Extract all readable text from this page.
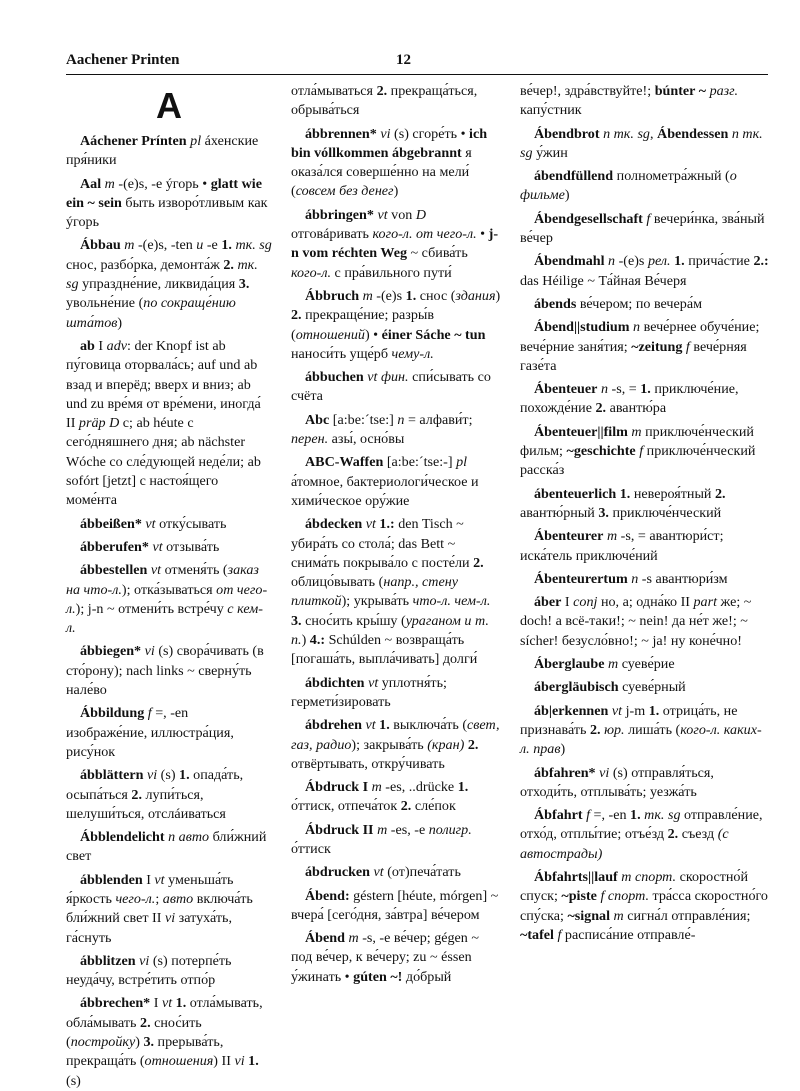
Aachener Printen	12
A

Aáchener Prínten pl áхенские пря́ники

Aal m -(e)s, -e ýгорь • glatt wie ein ~ sein быть изворо́тливым как ýгорь

Ábbau m -(e)s, -ten u -e 1. тк. sg снос, разбо́рка, демонта́ж 2. тк. sg упраздне́ние, ликвида́ция 3. увольне́ние (по сокраще́нию шта́тов)

ab I adv: der Knopf ist ab пу́говица оторвала́сь; auf und ab взад и вперёд; вверх и вниз; ab und zu вре́мя от вре́мени, иногда́ II präp D с; ab héute с сего́дняшнего дня; ab nächster Wóche со сле́дующей неде́ли; ab sofórt [jetzt] с настоя́щего моме́нта

ábbeißen* vt отку́сывать

ábberufen* vt отзыва́ть

ábbestellen vt отменя́ть (заказ на что-л.); отка́зываться от чего-л.); j-n ~ отмени́ть встре́чу с кем-л.

ábbiegen* vi (s) свора́чивать (в сто́рону); nach links ~ сверну́ть нале́во

Ábbildung f =, -en изображе́ние, иллюстра́ция, рису́нок

ábblättern vi (s) 1. опада́ть, осыпа́ться 2. лупи́ться, шелуши́ться, отслáиваться

Ábblendelicht n авто бли́жний свет

ábblenden I vt уменьша́ть я́ркость чего-л.; авто включа́ть бли́жний свет II vi затуха́ть, га́снуть

ábblitzen vi (s) потерпе́ть неуда́чу, встре́тить отпо́р

ábbrechen* I vt 1. отла́мывать, обла́мывать 2. снос́ить (постройку) 3. прерыва́ть, прекраща́ть (отношения) II vi 1. (s)

отла́мываться 2. прекраща́ться, обрыва́ться

ábbrennen* vi (s) сгоре́ть • ich bin vóllkommen ábgebrannt я оказа́лся соверше́нно на мели́ (совсем без денег)

ábbringen* vt von D отговáривать кого-л. от чего-л. • j-n vom réchten Weg ~ сбива́ть кого-л. с пра́вильного пути́

Ábbruch m -(e)s 1. снос (здания) 2. прекраще́ние; разры́в (отношений) • éiner Sáche ~ tun наноси́ть уще́рб чему-л.

ábbuchen vt фин. спи́сывать со счёта

Abc [a:be:´tse:] n = алфави́т; перен. азы́, осно́вы

ABC-Waffen [a:be:´tse:-] pl а́томное, бактериологи́ческое и хими́ческое ору́жие

ábdecken vt 1.: den Tisch ~ убира́ть со стола́; das Bett ~ снима́ть покрыва́ло с посте́ли 2. облицо́вывать (напр., стену плиткой); укрыва́ть что-л. чем-л. 3. снос́ить кры́шу (ураганом и т. п.) 4.: Schúlden ~ возвраща́ть [погаша́ть, выпла́чивать] долги́

ábdichten vt уплотня́ть; гермети́зировать

ábdrehen vt 1. выключа́ть (свет, газ, радио); закрыва́ть (кран) 2. отвёртывать, откру́чивать

Ábdruck I m -es, ..drücke 1. о́ттиск, отпеча́ток 2. сле́пок

Ábdruck II m -es, -e полигр. о́ттиск

ábdrucken vt (от)печа́тать

Ábend: géstern [héute, mórgen] ~ вчера́ [сего́дня, за́втра] ве́чером

Ábend m -s, -e ве́чер; gégen ~ под ве́чер, к ве́черу; zu ~ éssen у́жинать • gúten ~! до́брый

ве́чер!, здра́вствуйте!; búnter ~ разг. капу́стник

Ábendbrot n тк. sg, Ábendessen n тк. sg у́жин

ábendfüllend полнометра́жный (о фильме)

Ábendgesellschaft f вечери́нка, зва́ный ве́чер

Ábendmahl n -(e)s рел. 1. прича́стие 2.: das Héilige ~ Та́йная Ве́черя

ábends ве́чером; по вечера́м

Ábend||studium n вече́рнее обуче́ние; вече́рние заня́тия; ~zeitung f вече́рняя газе́та

Ábenteuer n -s, = 1. приключе́ние, похожде́ние 2. авантю́ра

Ábenteuer||film m приключе́нческий фильм; ~geschichte f приключе́нческий расска́з

ábenteuerlich 1. невероя́тный 2. авантю́рный 3. приключе́нческий

Ábenteurer m -s, = авантюри́ст; иска́тель приключе́ний

Ábenteurertum n -s авантюри́зм

áber I conj но, а; одна́ко II part же; ~ doch! а всё-таки!; ~ nein! да не́т же!; ~ sícher! безусло́вно!; ~ ja! ну коне́чно!

Áberglaube m суеве́рие

ábergläubisch суеве́рный

áb|erkennen vt j-m 1. отрица́ть, не признава́ть 2. юр. лиша́ть (кого-л. каких-л. прав)

ábfahren* vi (s) отправля́ться, отходи́ть, отплыва́ть; уезжа́ть

Ábfahrt f =, -en 1. тк. sg отправле́ние, отхо́д, отплы́тие; отъе́зд 2. съезд (с автострады)

Ábfahrts||lauf m спорт. скоростно́й спуск; ~piste f спорт. тра́сса скоростно́го спу́ска; ~signal m сигна́л отправле́ния; ~tafel f расписа́ние отправле́-
